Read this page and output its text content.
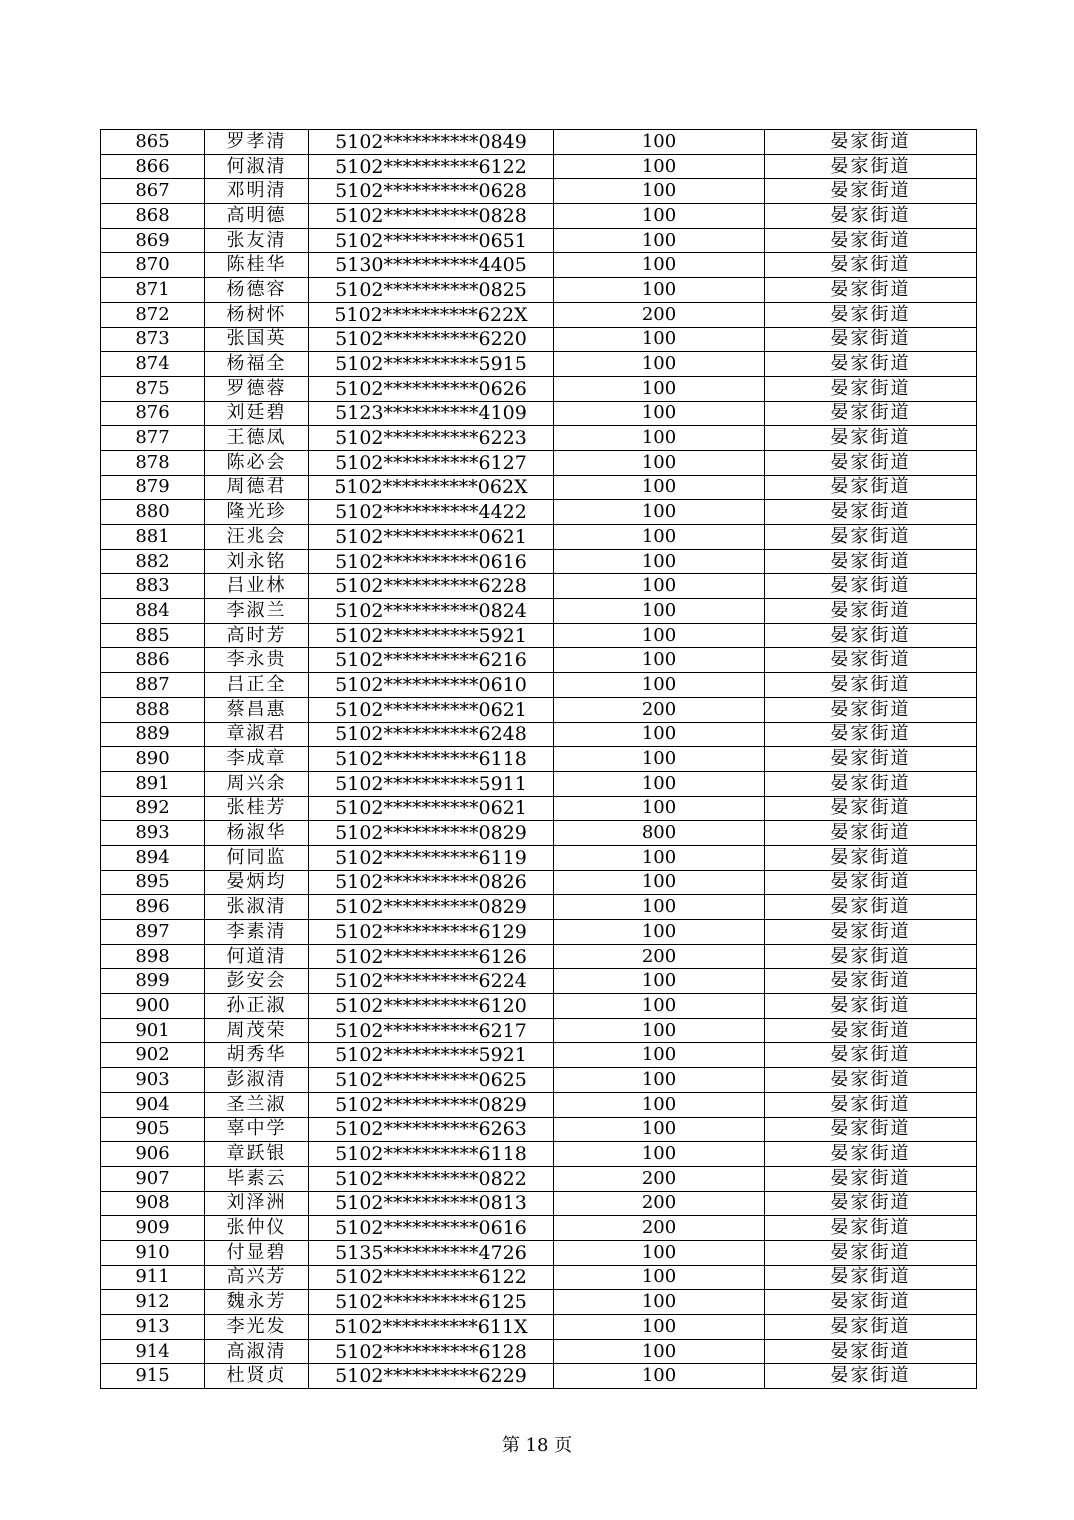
865	罗孝清	5102**********0849	100	晏家街道
866	何淑清	5102**********6122	100	晏家街道
867	邓明清	5102**********0628	100	晏家街道
868	高明德	5102**********0828	100	晏家街道
869	张友清	5102**********0651	100	晏家街道
870	陈桂华	5130**********4405	100	晏家街道
871	杨德容	5102**********0825	100	晏家街道
872	杨树怀	5102**********622X	200	晏家街道
873	张国英	5102**********6220	100	晏家街道
874	杨福全	5102**********5915	100	晏家街道
875	罗德蓉	5102**********0626	100	晏家街道
876	刘廷碧	5123**********4109	100	晏家街道
877	王德凤	5102**********6223	100	晏家街道
878	陈必会	5102**********6127	100	晏家街道
879	周德君	5102**********062X	100	晏家街道
880	隆光珍	5102**********4422	100	晏家街道
881	汪兆会	5102**********0621	100	晏家街道
882	刘永铭	5102**********0616	100	晏家街道
883	吕业林	5102**********6228	100	晏家街道
884	李淑兰	5102**********0824	100	晏家街道
885	高时芳	5102**********5921	100	晏家街道
886	李永贵	5102**********6216	100	晏家街道
887	吕正全	5102**********0610	100	晏家街道
888	蔡昌惠	5102**********0621	200	晏家街道
889	章淑君	5102**********6248	100	晏家街道
890	李成章	5102**********6118	100	晏家街道
891	周兴余	5102**********5911	100	晏家街道
892	张桂芳	5102**********0621	100	晏家街道
893	杨淑华	5102**********0829	800	晏家街道
894	何同监	5102**********6119	100	晏家街道
895	晏炳均	5102**********0826	100	晏家街道
896	张淑清	5102**********0829	100	晏家街道
897	李素清	5102**********6129	100	晏家街道
898	何道清	5102**********6126	200	晏家街道
899	彭安会	5102**********6224	100	晏家街道
900	孙正淑	5102**********6120	100	晏家街道
901	周茂荣	5102**********6217	100	晏家街道
902	胡秀华	5102**********5921	100	晏家街道
903	彭淑清	5102**********0625	100	晏家街道
904	圣兰淑	5102**********0829	100	晏家街道
905	辜中学	5102**********6263	100	晏家街道
906	章跃银	5102**********6118	100	晏家街道
907	毕素云	5102**********0822	200	晏家街道
908	刘泽洲	5102**********0813	200	晏家街道
909	张仲仪	5102**********0616	200	晏家街道
910	付显碧	5135**********4726	100	晏家街道
911	高兴芳	5102**********6122	100	晏家街道
912	魏永芳	5102**********6125	100	晏家街道
913	李光发	5102**********611X	100	晏家街道
914	高淑清	5102**********6128	100	晏家街道
915	杜贤贞	5102**********6229	100	晏家街道
第 18 页
